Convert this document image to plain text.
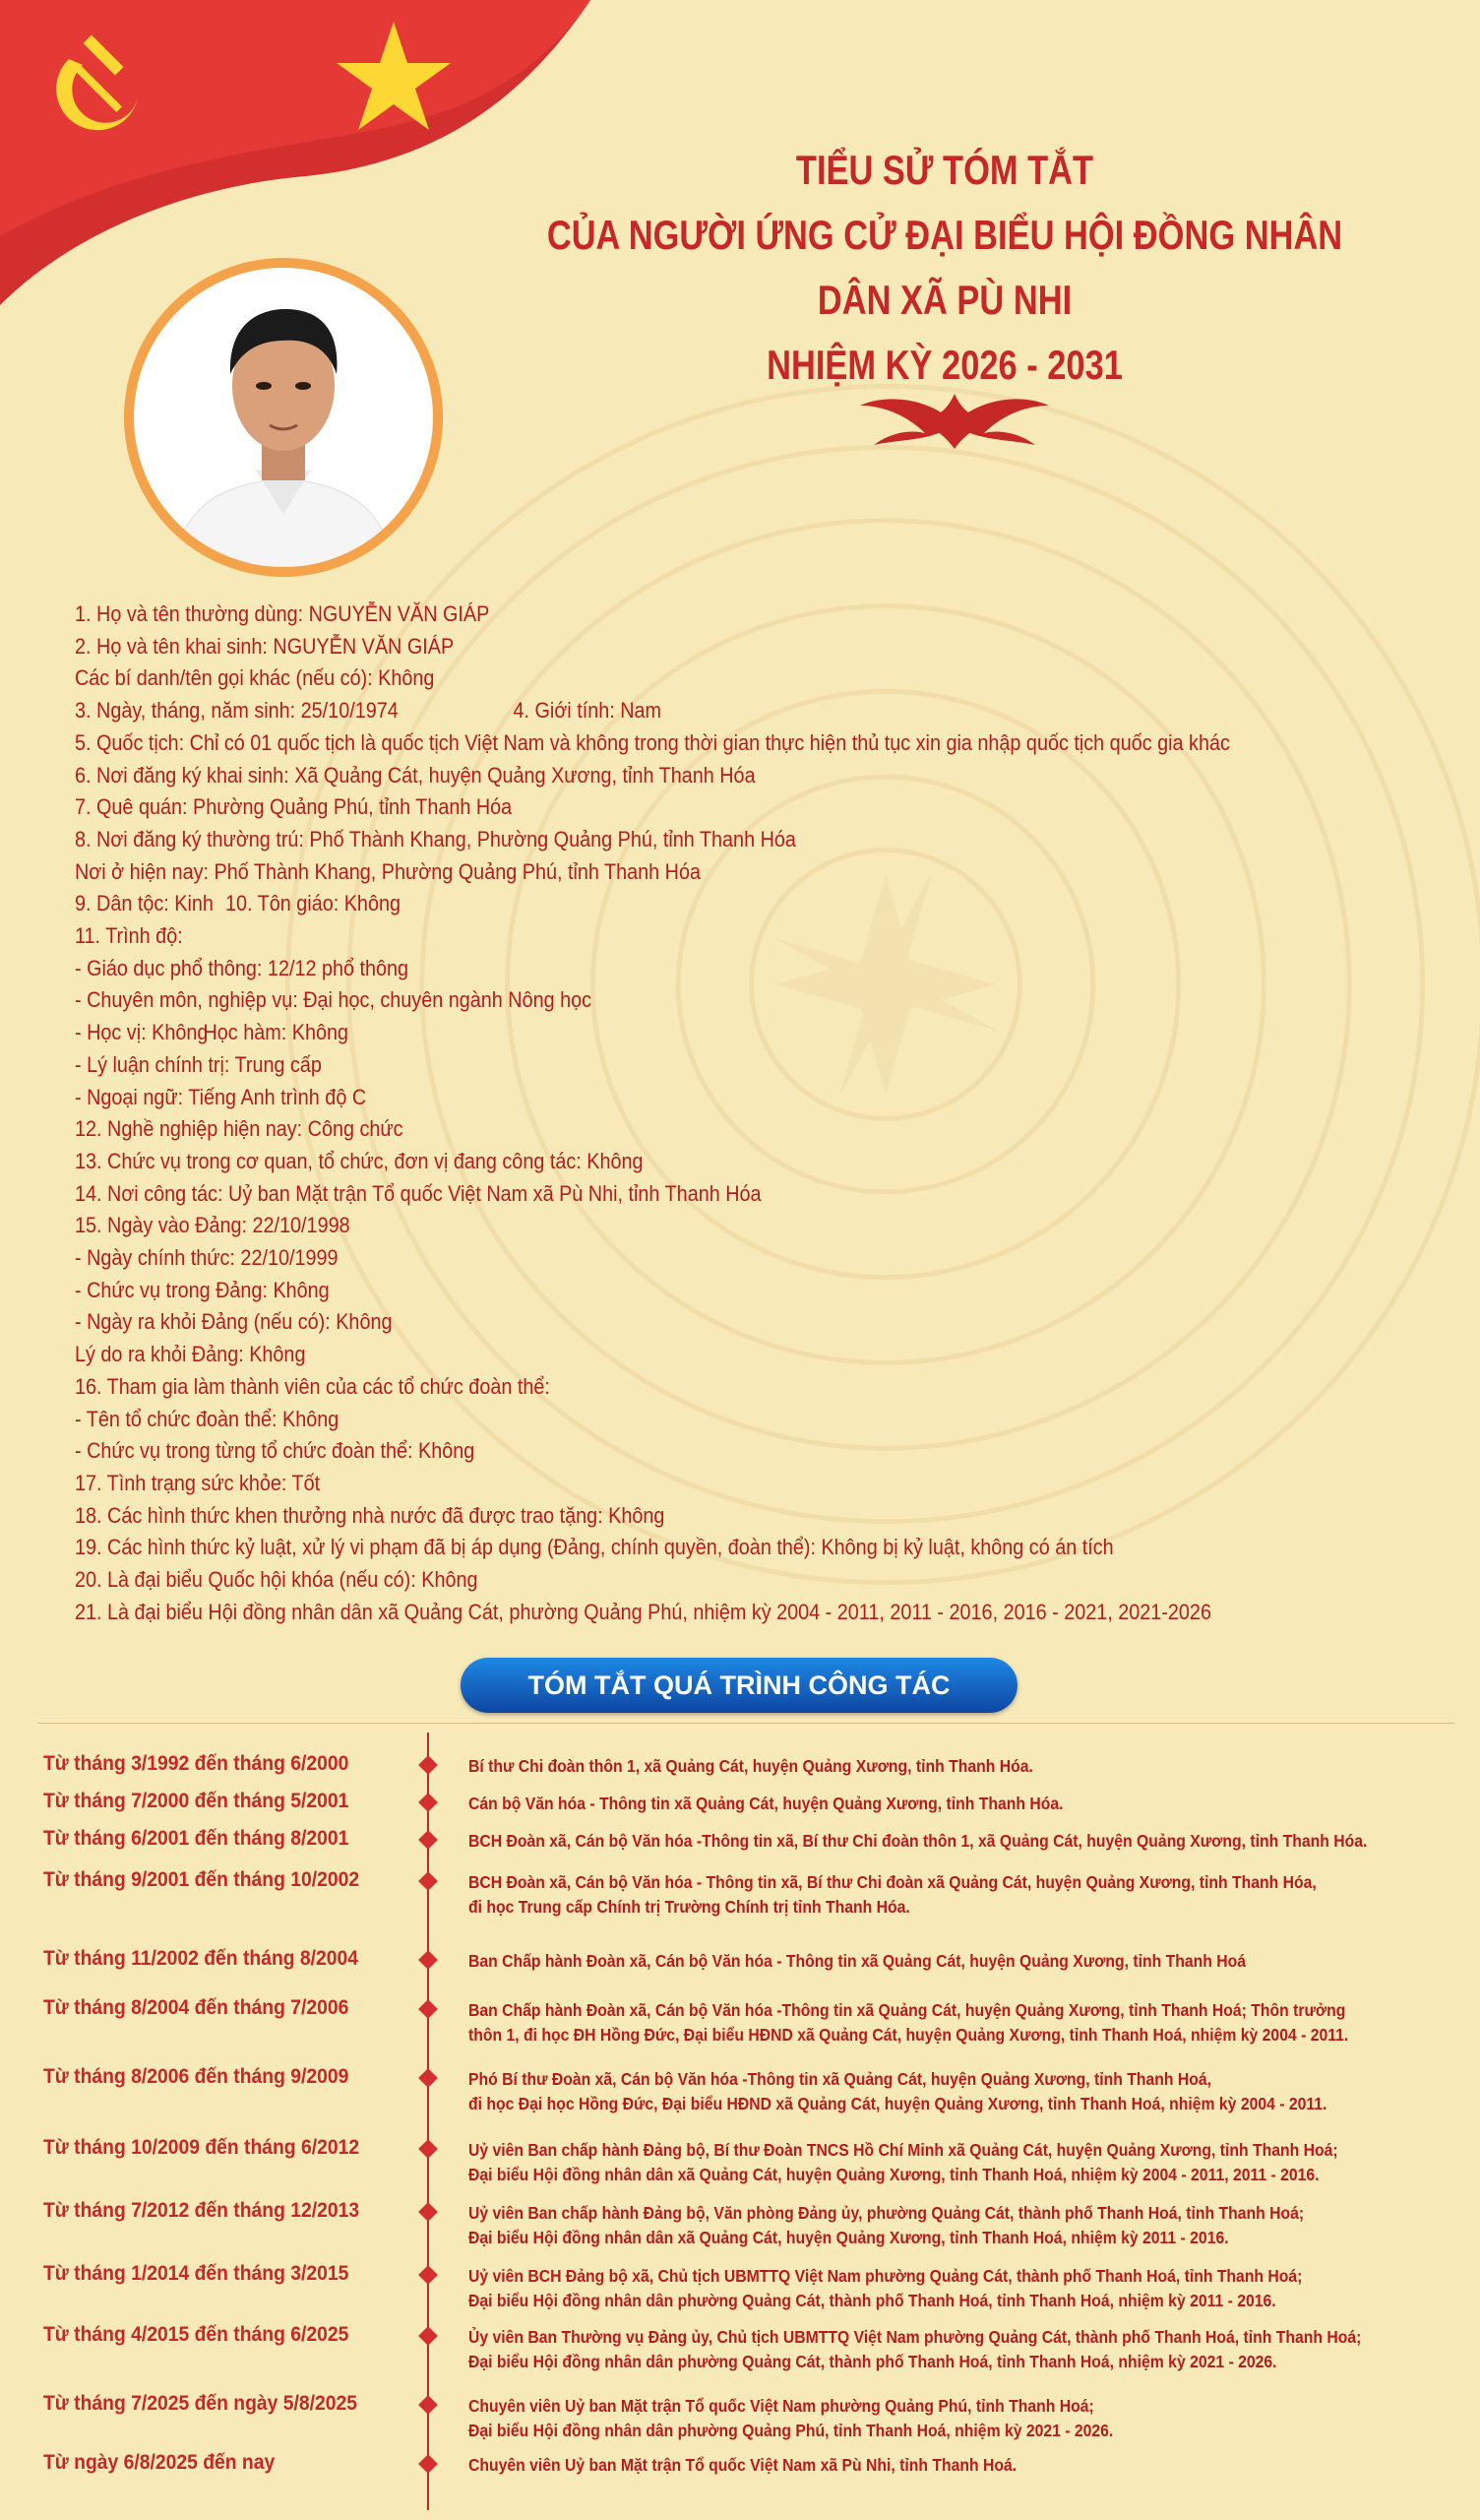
TIỂU SỬ TÓM TẮT
CỦA NGƯỜI ỨNG CỬ ĐẠI BIỂU HỘI ĐỒNG NHÂN DÂN XÃ PÙ NHI
NHIỆM KỲ 2026 - 2031
1. Họ và tên thường dùng: NGUYỄN VĂN GIÁP
2. Họ và tên khai sinh: NGUYỄN VĂN GIÁP
Các bí danh/tên gọi khác (nếu có): Không
3. Ngày, tháng, năm sinh: 25/10/1974	4. Giới tính: Nam
5. Quốc tịch: Chỉ có 01 quốc tịch là quốc tịch Việt Nam và không trong thời gian thực hiện thủ tục xin gia nhập quốc tịch quốc gia khác
6. Nơi đăng ký khai sinh: Xã Quảng Cát, huyện Quảng Xương, tỉnh Thanh Hóa
7. Quê quán: Phường Quảng Phú, tỉnh Thanh Hóa
8. Nơi đăng ký thường trú: Phố Thành Khang, Phường Quảng Phú, tỉnh Thanh Hóa
Nơi ở hiện nay: Phố Thành Khang, Phường Quảng Phú, tỉnh Thanh Hóa
9. Dân tộc: Kinh 10. Tôn giáo: Không
11. Trình độ:
- Giáo dục phổ thông: 12/12 phổ thông
- Chuyên môn, nghiệp vụ: Đại học, chuyên ngành Nông học
- Học vị: KhôngHọc hàm: Không
- Lý luận chính trị: Trung cấp
- Ngoại ngữ: Tiếng Anh trình độ C
12. Nghề nghiệp hiện nay: Công chức
13. Chức vụ trong cơ quan, tổ chức, đơn vị đang công tác: Không
14. Nơi công tác: Uỷ ban Mặt trận Tổ quốc Việt Nam xã Pù Nhi, tỉnh Thanh Hóa
15. Ngày vào Đảng: 22/10/1998
- Ngày chính thức: 22/10/1999
- Chức vụ trong Đảng: Không
- Ngày ra khỏi Đảng (nếu có): Không
Lý do ra khỏi Đảng: Không
16. Tham gia làm thành viên của các tổ chức đoàn thể:
- Tên tổ chức đoàn thể: Không
- Chức vụ trong từng tổ chức đoàn thể: Không
17. Tình trạng sức khỏe: Tốt
18. Các hình thức khen thưởng nhà nước đã được trao tặng: Không
19. Các hình thức kỷ luật, xử lý vi phạm đã bị áp dụng (Đảng, chính quyền, đoàn thể): Không bị kỷ luật, không có án tích
20. Là đại biểu Quốc hội khóa (nếu có): Không
21. Là đại biểu Hội đồng nhân dân xã Quảng Cát, phường Quảng Phú, nhiệm kỳ 2004 - 2011, 2011 - 2016, 2016 - 2021, 2021-2026
TÓM TẮT QUÁ TRÌNH CÔNG TÁC
Từ tháng 3/1992 đến tháng 6/2000	Bí thư Chi đoàn thôn 1, xã Quảng Cát, huyện Quảng Xương, tỉnh Thanh Hóa.
Từ tháng 7/2000 đến tháng 5/2001	Cán bộ Văn hóa - Thông tin xã Quảng Cát, huyện Quảng Xương, tỉnh Thanh Hóa.
Từ tháng 6/2001 đến tháng 8/2001	BCH Đoàn xã, Cán bộ Văn hóa -Thông tin xã, Bí thư Chi đoàn thôn 1, xã Quảng Cát, huyện Quảng Xương, tỉnh Thanh Hóa.
Từ tháng 9/2001 đến tháng 10/2002	BCH Đoàn xã, Cán bộ Văn hóa - Thông tin xã, Bí thư Chi đoàn xã Quảng Cát, huyện Quảng Xương, tỉnh Thanh Hóa,
đi học Trung cấp Chính trị Trường Chính trị tỉnh Thanh Hóa.
Từ tháng 11/2002 đến tháng 8/2004	Ban Chấp hành Đoàn xã, Cán bộ Văn hóa - Thông tin xã Quảng Cát, huyện Quảng Xương, tỉnh Thanh Hoá
Từ tháng 8/2004 đến tháng 7/2006	Ban Chấp hành Đoàn xã, Cán bộ Văn hóa -Thông tin xã Quảng Cát, huyện Quảng Xương, tỉnh Thanh Hoá; Thôn trưởng
thôn 1, đi học ĐH Hồng Đức, Đại biểu HĐND xã Quảng Cát, huyện Quảng Xương, tỉnh Thanh Hoá, nhiệm kỳ 2004 - 2011.
Từ tháng 8/2006 đến tháng 9/2009	Phó Bí thư Đoàn xã, Cán bộ Văn hóa -Thông tin xã Quảng Cát, huyện Quảng Xương, tỉnh Thanh Hoá,
đi học Đại học Hồng Đức, Đại biểu HĐND xã Quảng Cát, huyện Quảng Xương, tỉnh Thanh Hoá, nhiệm kỳ 2004 - 2011.
Từ tháng 10/2009 đến tháng 6/2012	Uỷ viên Ban chấp hành Đảng bộ, Bí thư Đoàn TNCS Hồ Chí Minh xã Quảng Cát, huyện Quảng Xương, tỉnh Thanh Hoá;
Đại biểu Hội đồng nhân dân xã Quảng Cát, huyện Quảng Xương, tỉnh Thanh Hoá, nhiệm kỳ 2004 - 2011, 2011 - 2016.
Từ tháng 7/2012 đến tháng 12/2013	Uỷ viên Ban chấp hành Đảng bộ, Văn phòng Đảng ủy, phường Quảng Cát, thành phố Thanh Hoá, tỉnh Thanh Hoá;
Đại biểu Hội đồng nhân dân xã Quảng Cát, huyện Quảng Xương, tỉnh Thanh Hoá, nhiệm kỳ 2011 - 2016.
Từ tháng 1/2014 đến tháng 3/2015	Uỷ viên BCH Đảng bộ xã, Chủ tịch UBMTTQ Việt Nam phường Quảng Cát, thành phố Thanh Hoá, tỉnh Thanh Hoá;
Đại biểu Hội đồng nhân dân phường Quảng Cát, thành phố Thanh Hoá, tỉnh Thanh Hoá, nhiệm kỳ 2011 - 2016.
Từ tháng 4/2015 đến tháng 6/2025	Ủy viên Ban Thường vụ Đảng ủy, Chủ tịch UBMTTQ Việt Nam phường Quảng Cát, thành phố Thanh Hoá, tỉnh Thanh Hoá;
Đại biểu Hội đồng nhân dân phường Quảng Cát, thành phố Thanh Hoá, tỉnh Thanh Hoá, nhiệm kỳ 2021 - 2026.
Từ tháng 7/2025 đến ngày 5/8/2025	Chuyên viên Uỷ ban Mặt trận Tổ quốc Việt Nam phường Quảng Phú, tỉnh Thanh Hoá;
Đại biểu Hội đồng nhân dân phường Quảng Phú, tỉnh Thanh Hoá, nhiệm kỳ 2021 - 2026.
Từ ngày 6/8/2025 đến nay	Chuyên viên Uỷ ban Mặt trận Tổ quốc Việt Nam xã Pù Nhi, tỉnh Thanh Hoá.
